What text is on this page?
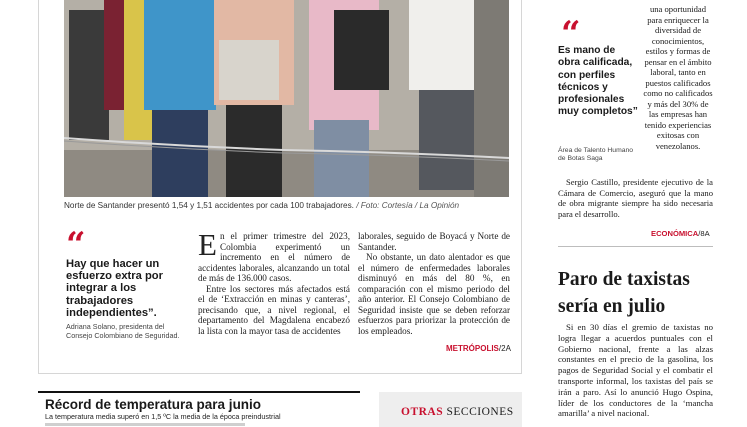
Norte de Santander presentó 1,54 y 1,51 accidentes por cada 100 trabajadores. / Foto: Cortesía / La Opinión
“
Hay que hacer un esfuerzo extra por integrar a los trabajadores independientes”.
Adriana Solano, presidenta del Consejo Colombiano de Seguridad.
E n el primer trimestre del 2023, Colombia experimentó un incremento en el número de accidentes laborales, alcanzando un total de más de 136.000 casos.

Entre los sectores más afectados está el de ‘Extracción en minas y canteras’, precisando que, a nivel regional, el departamento del Magdalena encabezó la lista con la mayor tasa de accidentes

laborales, seguido de Boyacá y Norte de Santander.

No obstante, un dato alentador es que el número de enfermedades laborales disminuyó en más del 80 %, en comparación con el mismo periodo del año anterior. El Consejo Colombiano de Seguridad insiste que se deben reforzar esfuerzos para priorizar la protección de los empleados.

METRÓPOLIS/2A
Récord de temperatura para junio
La temperatura media superó en 1,5 ºC la media de la época preindustrial	OTRAS SECCIONES
“
Es mano de obra calificada, con perfiles técnicos y profesionales muy completos”
Área de Talento Humano de Botas Saga
una oportunidad para enriquecer la diversidad de conocimientos, estilos y formas de pensar en el ámbito laboral, tanto en puestos calificados como no calificados y más del 30% de las empresas han tenido experiencias exitosas con venezolanos.
Sergio Castillo, presidente ejecutivo de la Cámara de Comercio, aseguró que la mano de obra migrante siempre ha sido necesaria para el desarrollo.
ECONÓMICA/8A
Paro de taxistas sería en julio
Si en 30 días el gremio de taxistas no logra llegar a acuerdos puntuales con el Gobierno nacional, frente a las alzas constantes en el precio de la gasolina, los pagos de Seguridad Social y el combatir el transporte informal, los taxistas del país se irán a paro. Así lo anunció Hugo Ospina, líder de los conductores de la ‘mancha amarilla’ a nivel nacional.
